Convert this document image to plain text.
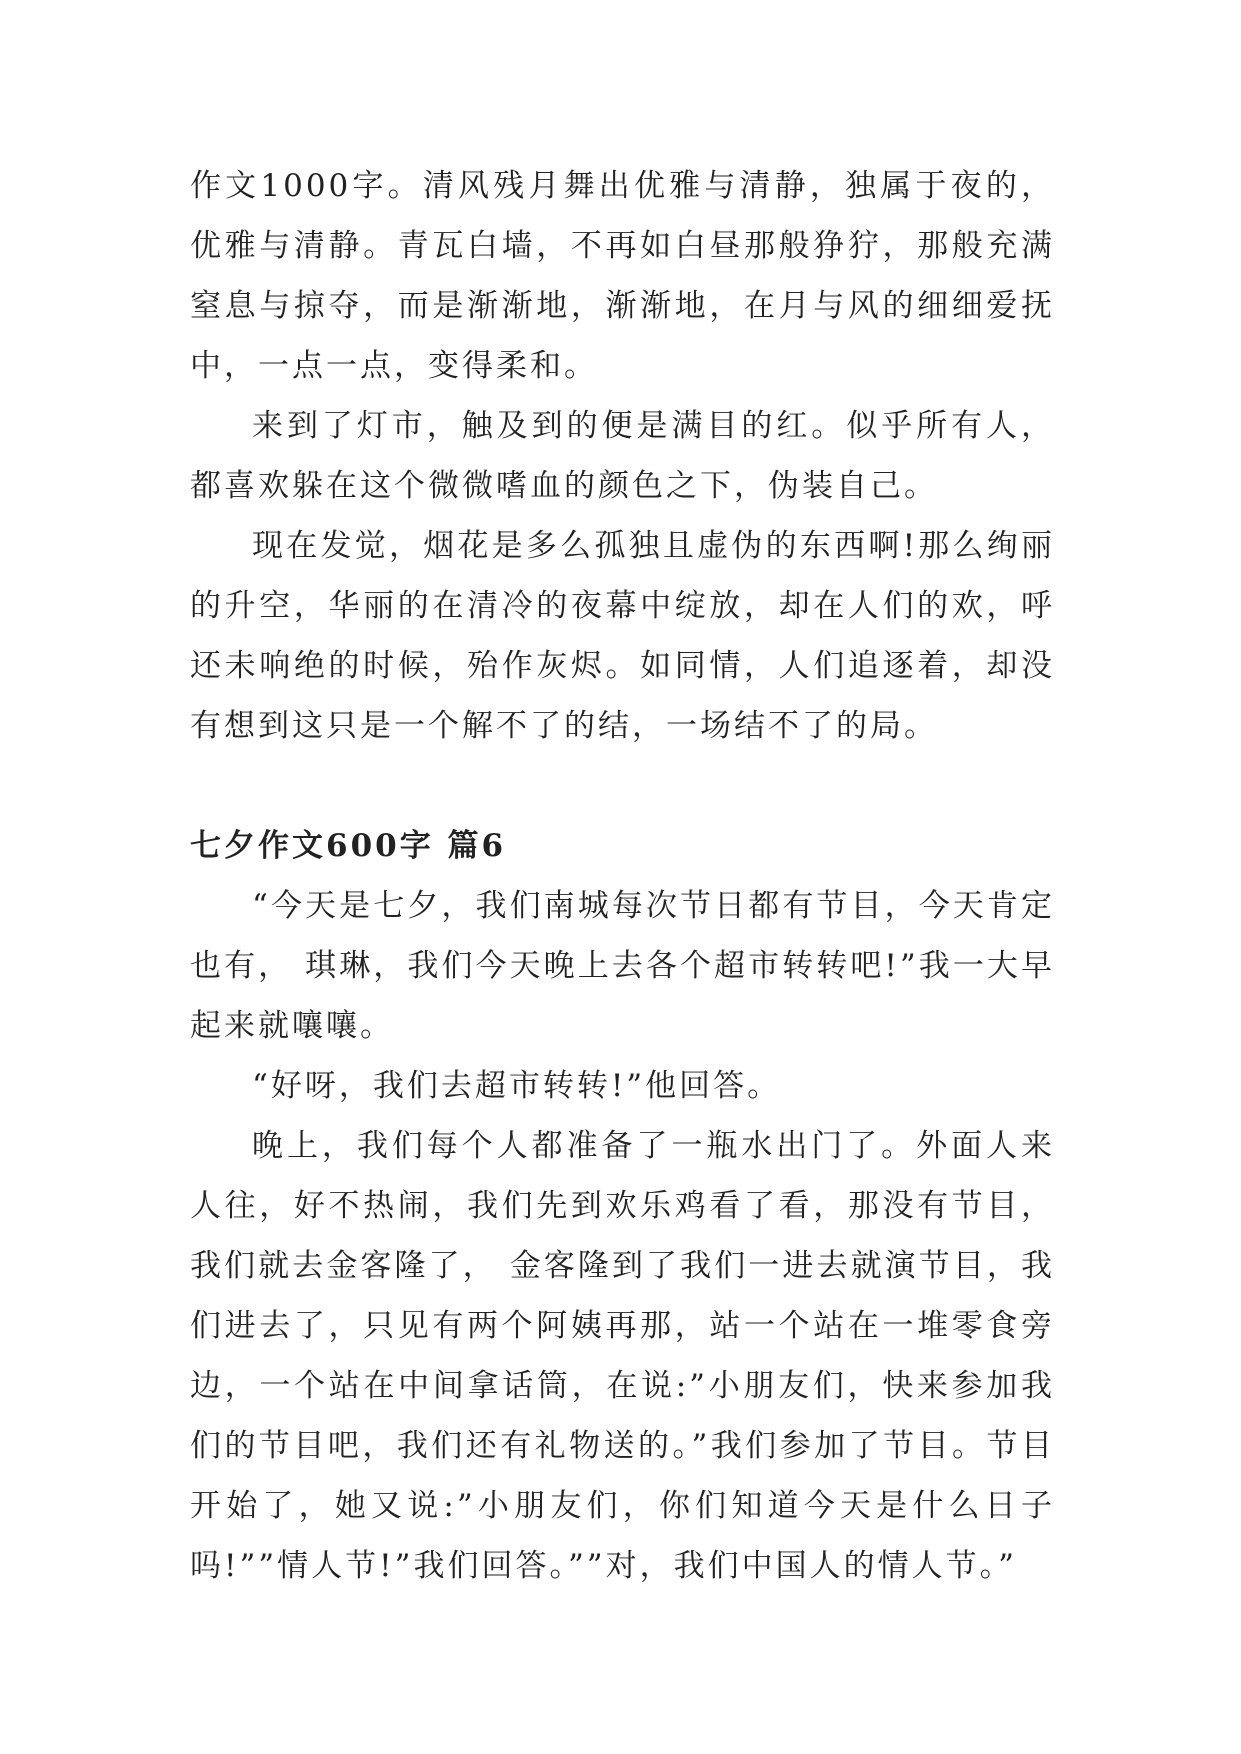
作文1000字。清风残月舞出优雅与清静，独属于夜的，优雅与清静。青瓦白墙，不再如白昼那般狰狞，那般充满窒息与掠夺，而是渐渐地，渐渐地，在月与风的细细爱抚中，一点一点，变得柔和。

来到了灯市，触及到的便是满目的红。似乎所有人，都喜欢躲在这个微微嗜血的颜色之下，伪装自己。

现在发觉，烟花是多么孤独且虚伪的东西啊!那么绚丽的升空，华丽的在清冷的夜幕中绽放，却在人们的欢，呼还未响绝的时候，殆作灰烬。如同情，人们追逐着，却没有想到这只是一个解不了的结，一场结不了的局。

七夕作文600字 篇6

“今天是七夕，我们南城每次节日都有节目，今天肯定也有， 琪琳，我们今天晚上去各个超市转转吧!”我一大早起来就嚷嚷。

“好呀，我们去超市转转!”他回答。

晚上，我们每个人都准备了一瓶水出门了。外面人来人往，好不热闹，我们先到欢乐鸡看了看，那没有节目，我们就去金客隆了， 金客隆到了我们一进去就演节目，我们进去了，只见有两个阿姨再那，站一个站在一堆零食旁边，一个站在中间拿话筒，在说:”小朋友们，快来参加我们的节目吧，我们还有礼物送的。”我们参加了节目。节目开始了，她又说:”小朋友们，你们知道今天是什么日子吗!””情人节!”我们回答。””对，我们中国人的情人节。”
